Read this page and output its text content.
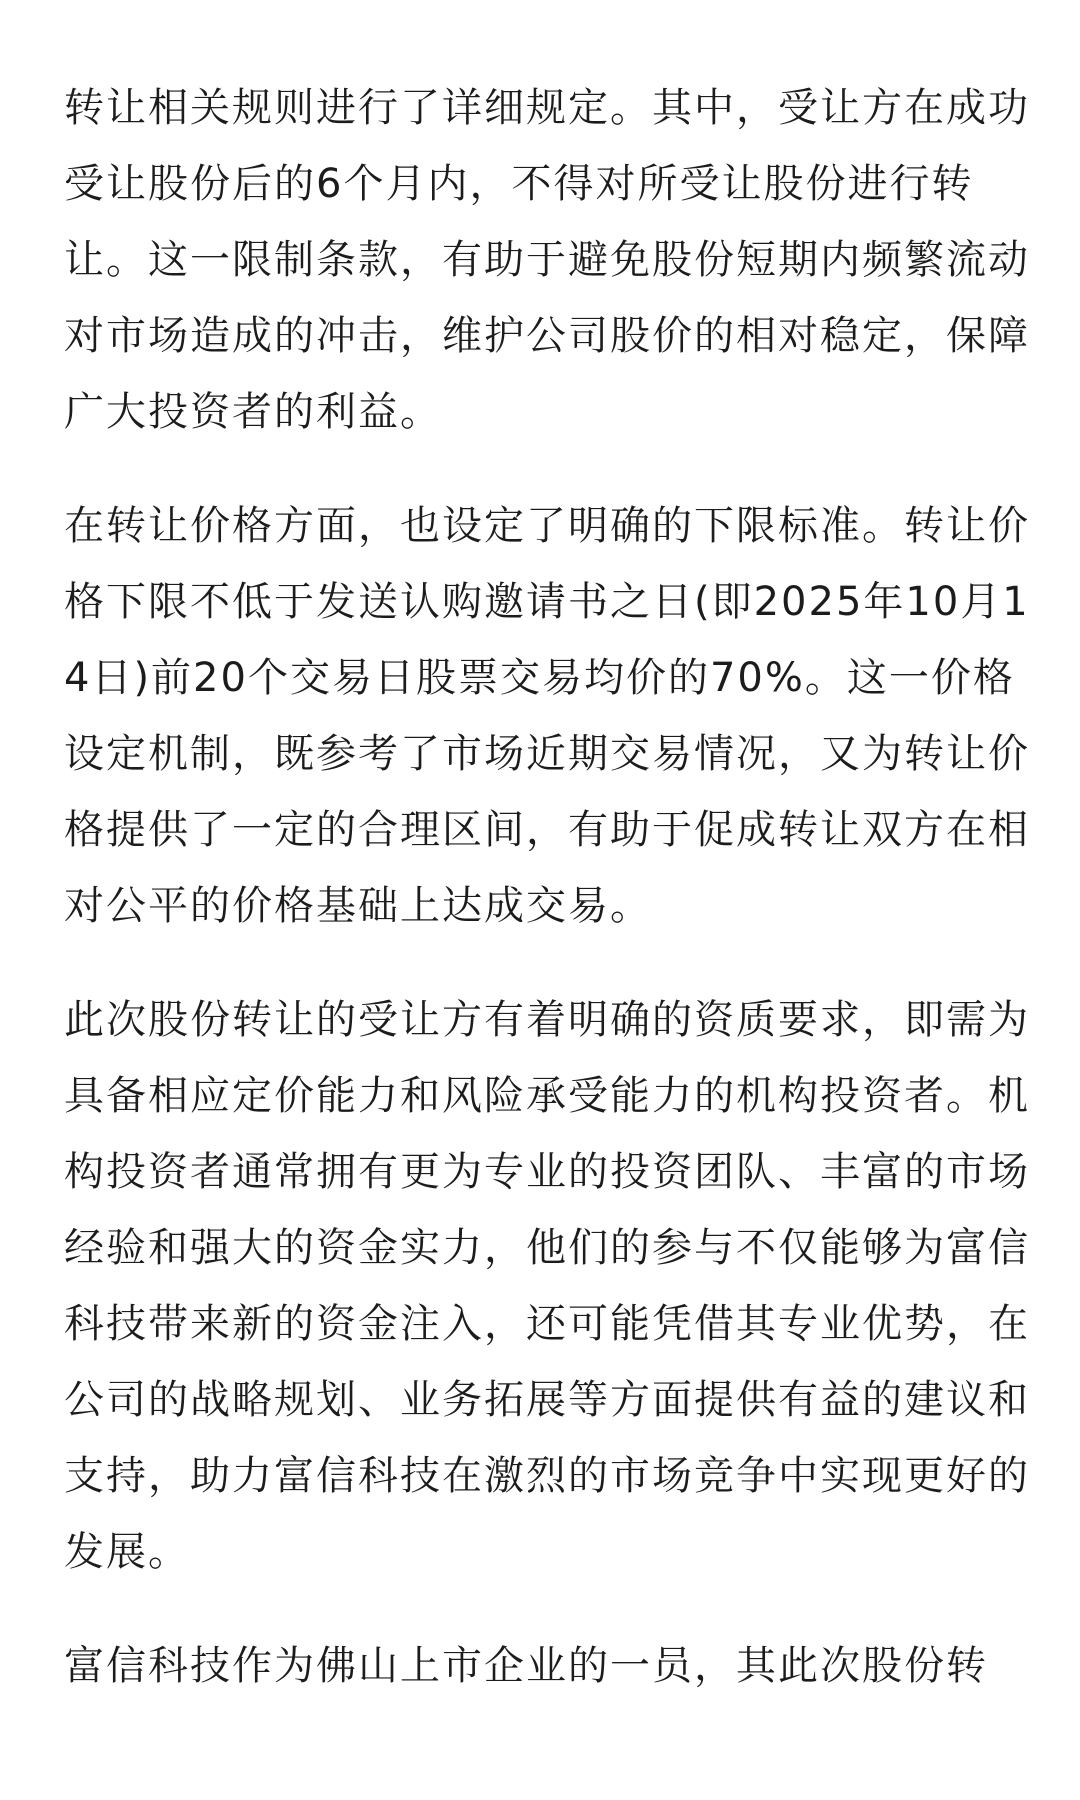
转让相关规则进行了详细规定。其中，受让方在成功受让股份后的6个月内，不得对所受让股份进行转让。这一限制条款，有助于避免股份短期内频繁流动对市场造成的冲击，维护公司股价的相对稳定，保障广大投资者的利益。

在转让价格方面，也设定了明确的下限标准。转让价格下限不低于发送认购邀请书之日(即2025年10月14日)前20个交易日股票交易均价的70%。这一价格设定机制，既参考了市场近期交易情况，又为转让价格提供了一定的合理区间，有助于促成转让双方在相对公平的价格基础上达成交易。

此次股份转让的受让方有着明确的资质要求，即需为具备相应定价能力和风险承受能力的机构投资者。机构投资者通常拥有更为专业的投资团队、丰富的市场经验和强大的资金实力，他们的参与不仅能够为富信科技带来新的资金注入，还可能凭借其专业优势，在公司的战略规划、业务拓展等方面提供有益的建议和支持，助力富信科技在激烈的市场竞争中实现更好的发展。

富信科技作为佛山上市企业的一员，其此次股份转
